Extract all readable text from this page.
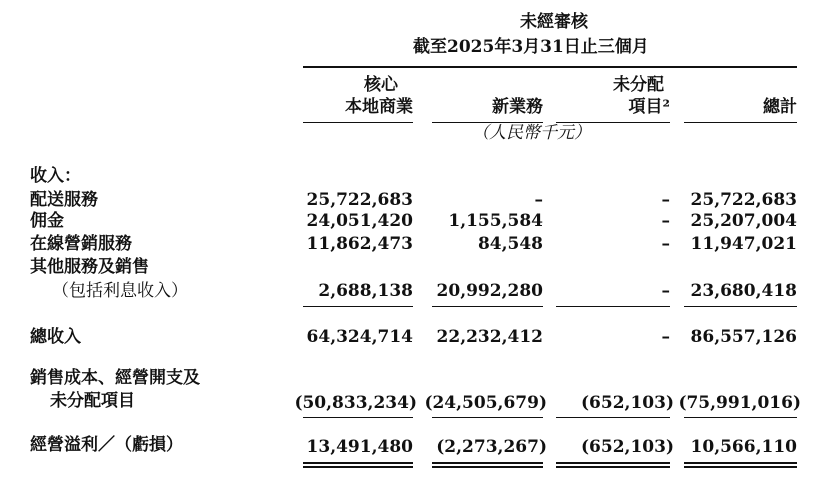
未經審核
截至2025年3月31日止三個月
核心
本地商業	新業務
未分配
項目²	總計
（人民幣千元）
收入：
配送服務	25,722,683	–	– 25,722,683
佣金	24,051,420 1,155,584	– 25,207,004
在線營銷服務	11,862,473	84,548	– 11,947,021
其他服務及銷售
（包括利息收入）	2,688,138 20,992,280	– 23,680,418
總收入	64,324,714 22,232,412	– 86,557,126
銷售成本、經營開支及
未分配項目	(50,833,234) (24,505,679) (652,103) (75,991,016)
經營溢利／（虧損）	13,491,480 (2,273,267) (652,103) 10,566,110
